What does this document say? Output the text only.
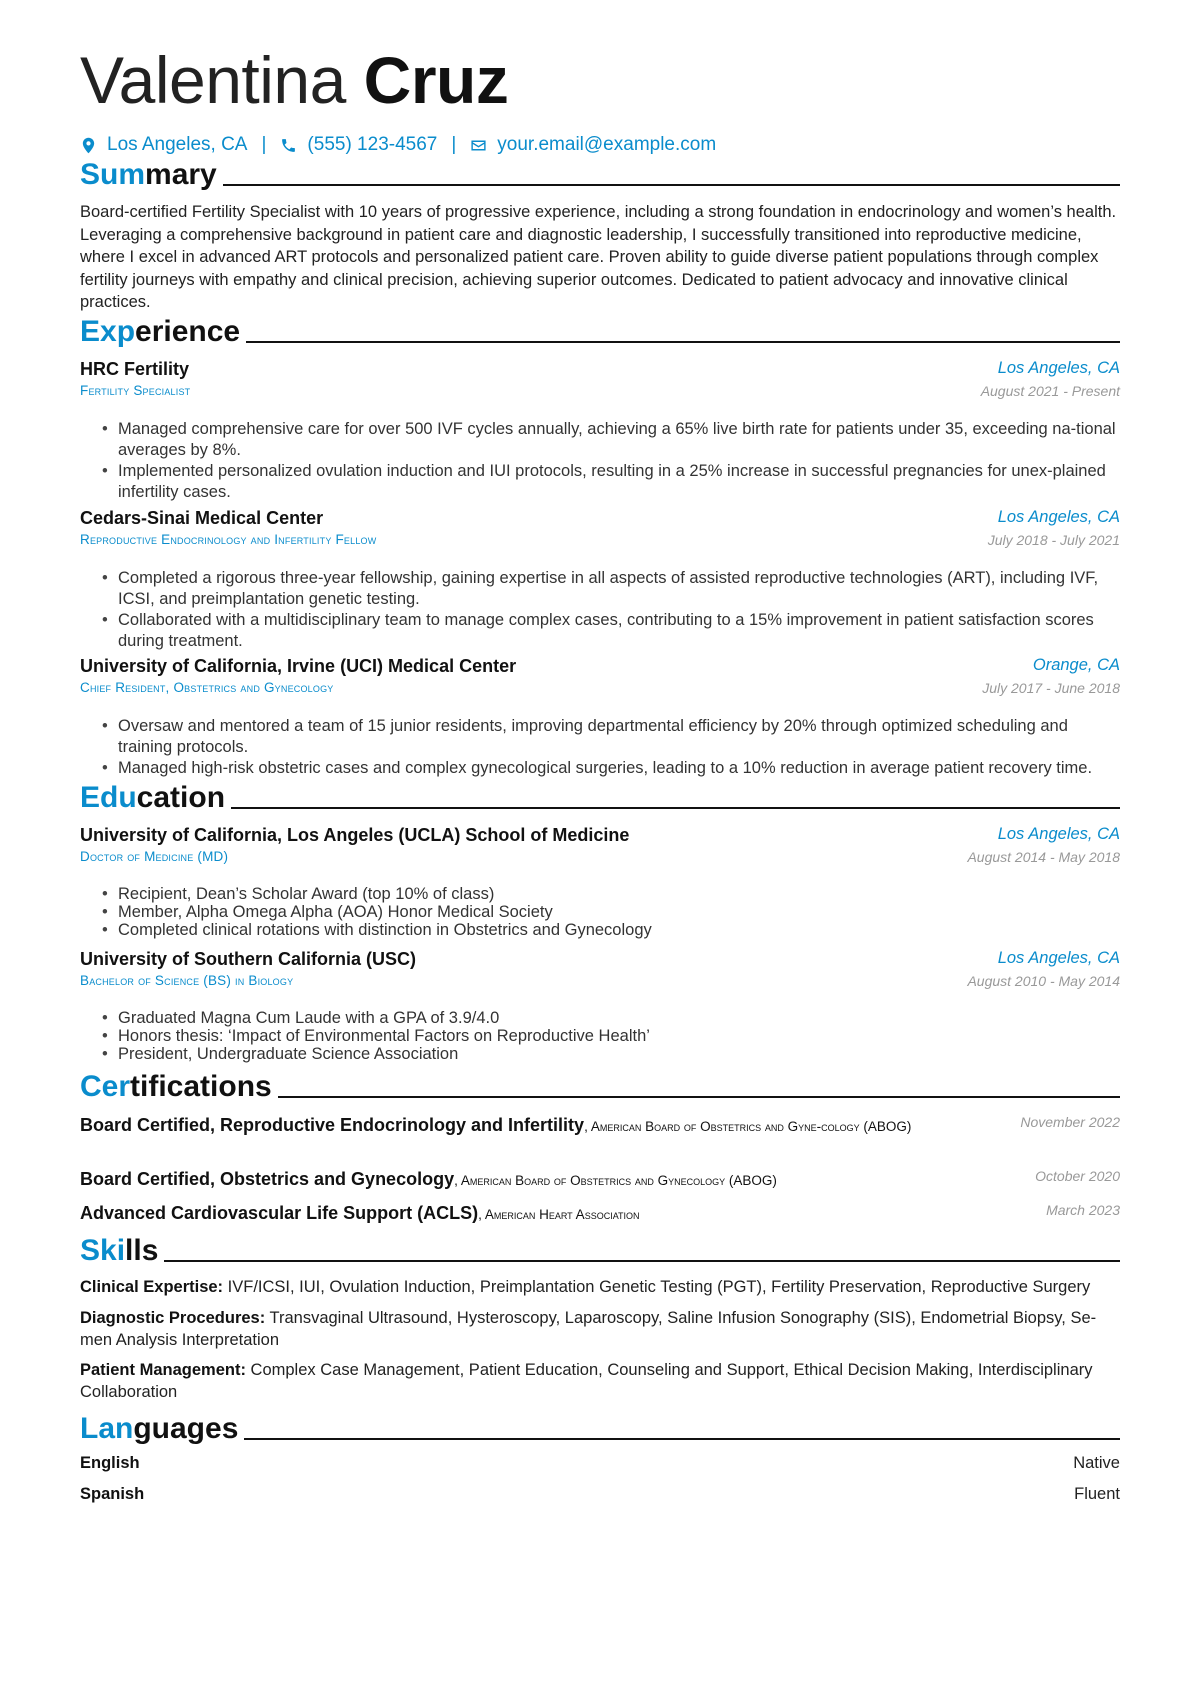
Valentina Cruz
Los Angeles, CA | (555) 123-4567 | your.email@example.com
Summary
Board-certified Fertility Specialist with 10 years of progressive experience, including a strong foundation in endocrinology and women’s health. Leveraging a comprehensive background in patient care and diagnostic leadership, I successfully transitioned into reproductive medicine, where I excel in advanced ART protocols and personalized patient care. Proven ability to guide diverse patient populations through complex fertility journeys with empathy and clinical precision, achieving superior outcomes. Dedicated to patient advocacy and innovative clinical practices.
Experience
HRC Fertility	Los Angeles, CA
Fertility Specialist	August 2021 - Present
• Managed comprehensive care for over 500 IVF cycles annually, achieving a 65% live birth rate for patients under 35, exceeding na-tional averages by 8%.
• Implemented personalized ovulation induction and IUI protocols, resulting in a 25% increase in successful pregnancies for unex-plained infertility cases.
Cedars-Sinai Medical Center	Los Angeles, CA
Reproductive Endocrinology and Infertility Fellow	July 2018 - July 2021
• Completed a rigorous three-year fellowship, gaining expertise in all aspects of assisted reproductive technologies (ART), including IVF, ICSI, and preimplantation genetic testing.
• Collaborated with a multidisciplinary team to manage complex cases, contributing to a 15% improvement in patient satisfaction scores during treatment.
University of California, Irvine (UCI) Medical Center	Orange, CA
Chief Resident, Obstetrics and Gynecology	July 2017 - June 2018
• Oversaw and mentored a team of 15 junior residents, improving departmental efficiency by 20% through optimized scheduling and training protocols.
• Managed high-risk obstetric cases and complex gynecological surgeries, leading to a 10% reduction in average patient recovery time.
Education
University of California, Los Angeles (UCLA) School of Medicine	Los Angeles, CA
Doctor of Medicine (MD)	August 2014 - May 2018
• Recipient, Dean’s Scholar Award (top 10% of class)
• Member, Alpha Omega Alpha (AOA) Honor Medical Society
• Completed clinical rotations with distinction in Obstetrics and Gynecology
University of Southern California (USC)	Los Angeles, CA
Bachelor of Science (BS) in Biology	August 2010 - May 2014
• Graduated Magna Cum Laude with a GPA of 3.9/4.0
• Honors thesis: ‘Impact of Environmental Factors on Reproductive Health’
• President, Undergraduate Science Association
Certifications
Board Certified, Reproductive Endocrinology and Infertility, American Board of Obstetrics and Gyne-cology (ABOG)	November 2022
Board Certified, Obstetrics and Gynecology, American Board of Obstetrics and Gynecology (ABOG)	October 2020
Advanced Cardiovascular Life Support (ACLS), American Heart Association	March 2023
Skills
Clinical Expertise: IVF/ICSI, IUI, Ovulation Induction, Preimplantation Genetic Testing (PGT), Fertility Preservation, Reproductive Surgery
Diagnostic Procedures: Transvaginal Ultrasound, Hysteroscopy, Laparoscopy, Saline Infusion Sonography (SIS), Endometrial Biopsy, Se-men Analysis Interpretation
Patient Management: Complex Case Management, Patient Education, Counseling and Support, Ethical Decision Making, Interdisciplinary Collaboration
Languages
English	Native
Spanish	Fluent
